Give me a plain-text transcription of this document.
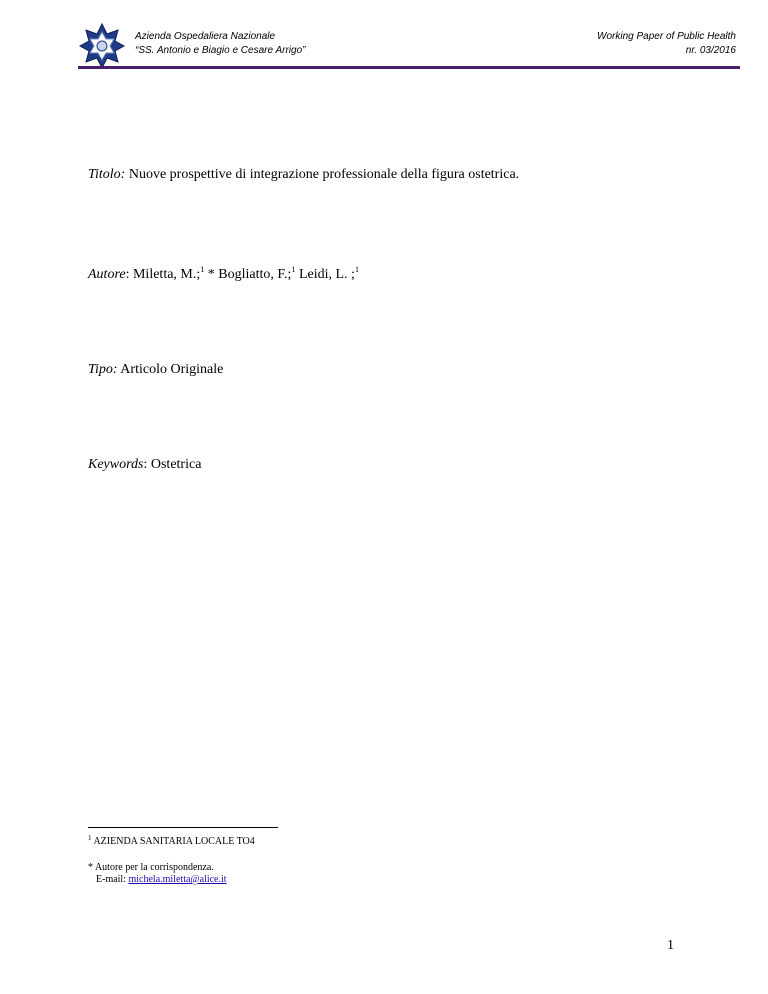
Azienda Ospedaliera Nazionale
“SS. Antonio e Biagio e Cesare Arrigo”
Working Paper of Public Health
nr. 03/2016
Titolo: Nuove prospettive di integrazione professionale della figura ostetrica.
Autore: Miletta, M.;$^1$ * Bogliatto, F.;$^1$ Leidi, L. ;$^1$
Tipo: Articolo Originale
Keywords: Ostetrica
$^1$ AZIENDA SANITARIA LOCALE TO4
* Autore per la corrispondenza.
E-mail: michela.miletta@alice.it
1
